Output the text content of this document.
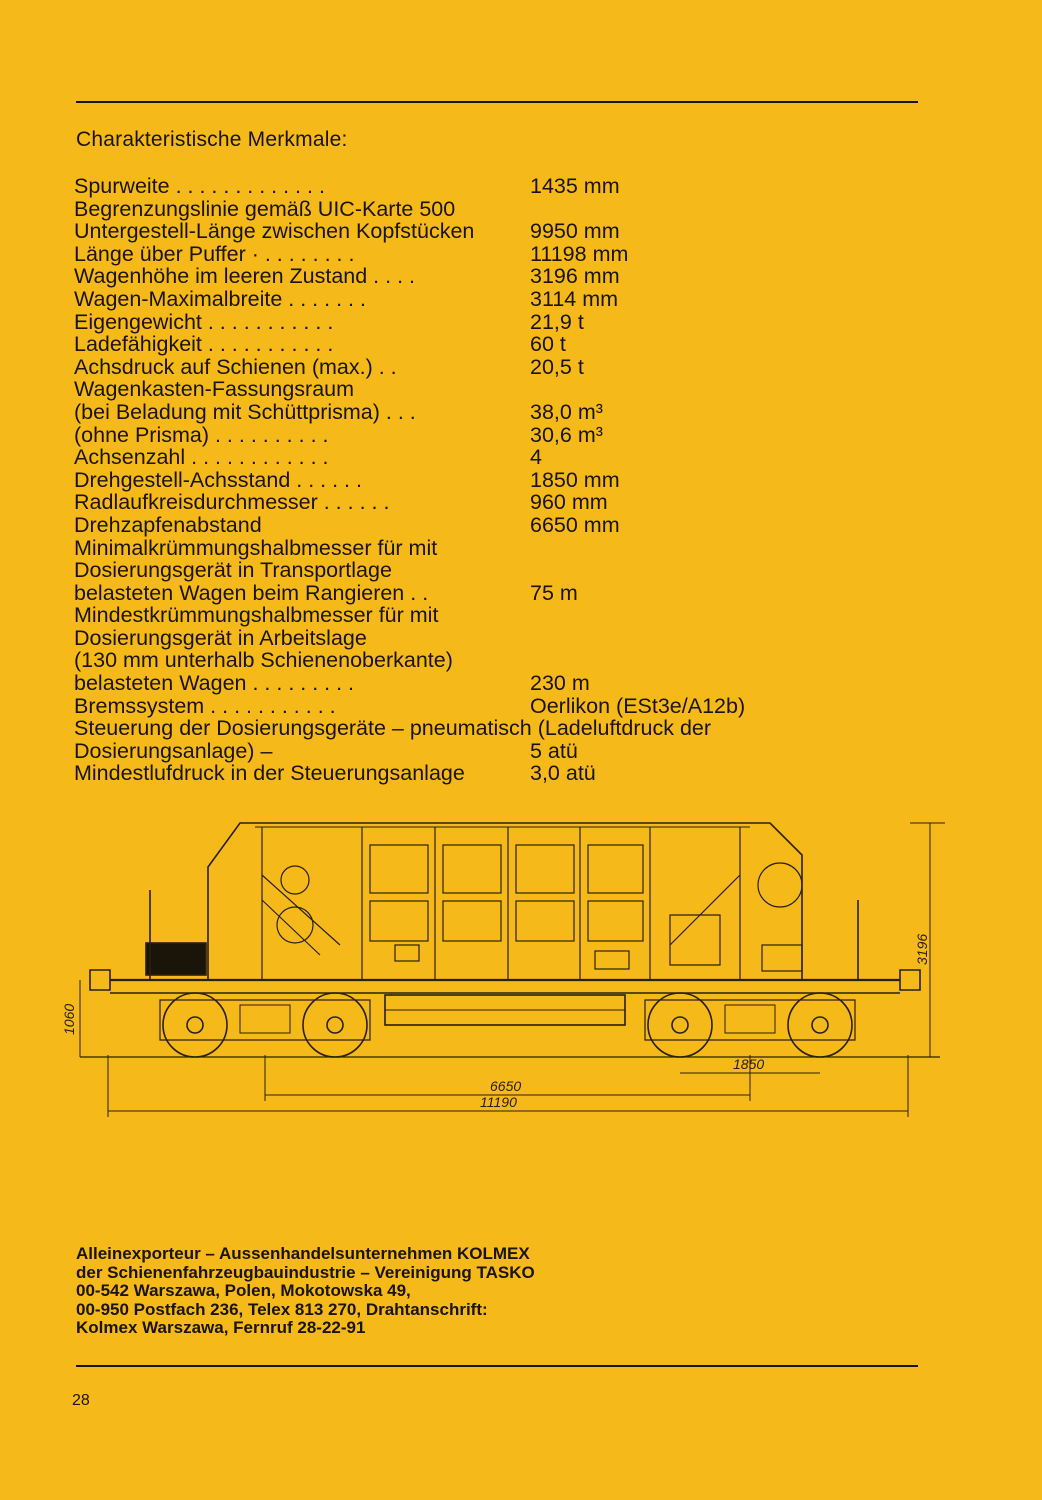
Charakteristische Merkmale:
Spurweite . . . . . . . . . . . . .	1435 mm
Begrenzungslinie gemäß UIC-Karte 500
Untergestell-Länge zwischen Kopfstücken	9950 mm
Länge über Puffer · . . . . . . . .	11198 mm
Wagenhöhe im leeren Zustand . . . .	3196 mm
Wagen-Maximalbreite . . . . . . .	3114 mm
Eigengewicht . . . . . . . . . . .	21,9 t
Ladefähigkeit . . . . . . . . . . .	60 t
Achsdruck auf Schienen (max.) . .	20,5 t
Wagenkasten-Fassungsraum
(bei Beladung mit Schüttprisma) . . .	38,0 m³
(ohne Prisma) . . . . . . . . . .	30,6 m³
Achsenzahl . . . . . . . . . . . .	4
Drehgestell-Achsstand . . . . . .	1850 mm
Radlaufkreisdurchmesser . . . . . .	960 mm
Drehzapfenabstand	6650 mm
Minimalkrümmungshalbmesser für mit
Dosierungsgerät in Transportlage
belasteten Wagen beim Rangieren . .	75 m
Mindestkrümmungshalbmesser für mit
Dosierungsgerät in Arbeitslage
(130 mm unterhalb Schienenoberkante)
belasteten Wagen . . . . . . . . .	230 m
Bremssystem . . . . . . . . . . .	Oerlikon (ESt3e/A12b)
Steuerung der Dosierungsgeräte – pneumatisch (Ladeluftdruck der
Dosierungsanlage) –	5 atü
Mindestlufdruck in der Steuerungsanlage	3,0 atü
3196
1060
1850
6650
11190
Alleinexporteur – Aussenhandelsunternehmen KOLMEX
der Schienenfahrzeugbauindustrie – Vereinigung TASKO
00-542 Warszawa, Polen, Mokotowska 49,
00-950 Postfach 236, Telex 813 270, Drahtanschrift:
Kolmex Warszawa, Fernruf 28-22-91
28
